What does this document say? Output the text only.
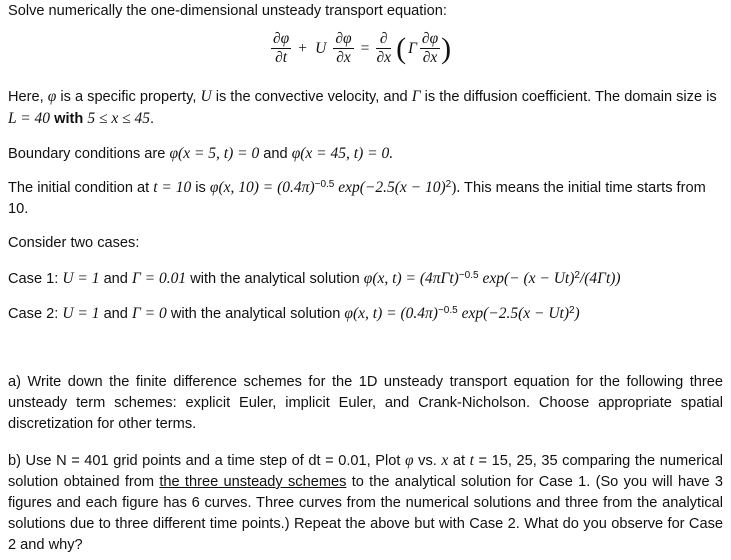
Solve numerically the one-dimensional unsteady transport equation:

$\frac{\partial\varphi}{\partial t} + U \frac{\partial\varphi}{\partial x} = \frac{\partial}{\partial x}$ ( Γ $\frac{\partial\varphi}{\partial x}$ )

Here, φ is a specific property, U is the convective velocity, and Γ is the diffusion coefficient. The domain size is L = 40 with 5 ≤ x ≤ 45.

Boundary conditions are φ(x = 5, t) = 0 and φ(x = 45, t) = 0.

The initial condition at t = 10 is φ(x, $10) = (0.4\pi)^{-0.5}$ $\exp(-2.5(x - 10)^2)$. This means the initial time starts from 10.

Consider two cases:

Case 1: U = 1 and Γ = 0.01 with the analytical solution φ(x, $t) = (4\pi\Gamma t)^{-0.5}$ $\exp(- (x - Ut)^2/(4\Gamma t))$

Case 2: U = 1 and Γ = 0 with the analytical solution φ(x, $t) = (0.4\pi)^{-0.5}$ $\exp(-2.5(x - Ut)^2)$

a) Write down the finite difference schemes for the 1D unsteady transport equation for the following three unsteady term schemes: explicit Euler, implicit Euler, and Crank-Nicholson. Choose appropriate spatial discretization for other terms.

b) Use N = 401 grid points and a time step of dt = 0.01, Plot φ vs. x at t = 15, 25, 35 comparing the numerical solution obtained from the three unsteady schemes to the analytical solution for Case 1. (So you will have 3 figures and each figure has 6 curves. Three curves from the numerical solutions and three from the analytical solutions due to three different time points.) Repeat the above but with Case 2. What do you observe for Case 2 and why?
